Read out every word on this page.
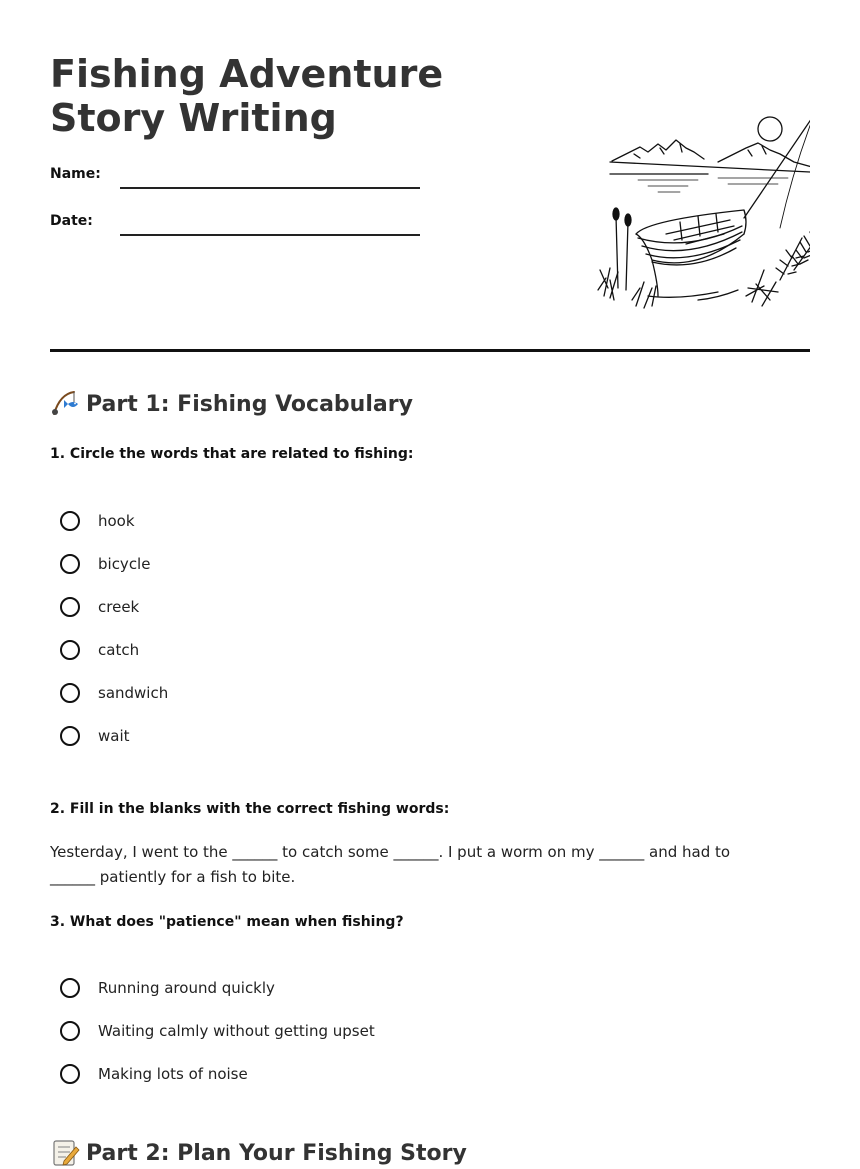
Fishing Adventure Story Writing
Name:
Date:
Part 1: Fishing Vocabulary

1. Circle the words that are related to fishing:

hook
bicycle
creek
catch
sandwich
wait

2. Fill in the blanks with the correct fishing words:

Yesterday, I went to the ______ to catch some ______. I put a worm on my ______ and had to ______ patiently for a fish to bite.

3. What does "patience" mean when fishing?

Running around quickly
Waiting calmly without getting upset
Making lots of noise
Part 2: Plan Your Fishing Story
